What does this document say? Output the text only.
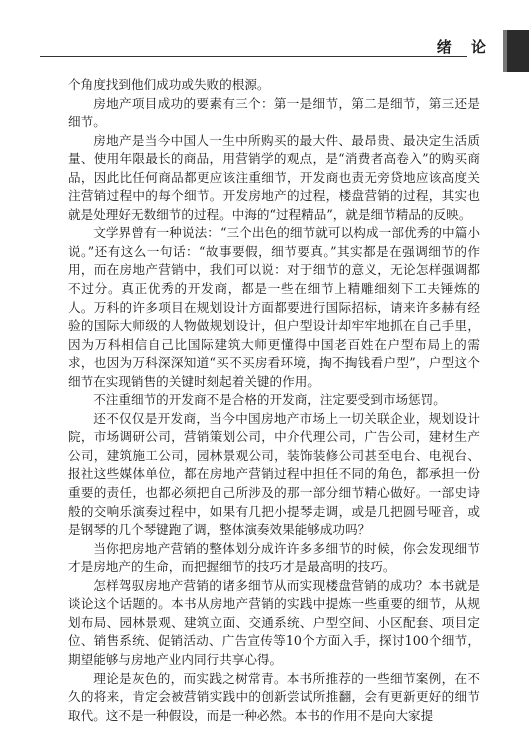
绪 论

个角度找到他们成功或失败的根源。

房地产项目成功的要素有三个：第一是细节，第二是细节，第三还是细节。

房地产是当今中国人一生中所购买的最大件、最昂贵、最决定生活质量、使用年限最长的商品，用营销学的观点，是“消费者高卷入”的购买商品，因此比任何商品都更应该注重细节，开发商也责无旁贷地应该高度关注营销过程中的每个细节。开发房地产的过程，楼盘营销的过程，其实也就是处理好无数细节的过程。中海的“过程精品”，就是细节精品的反映。

文学界曾有一种说法：“三个出色的细节就可以构成一部优秀的中篇小说。”还有这么一句话：“故事要假，细节要真。”其实都是在强调细节的作用，而在房地产营销中，我们可以说：对于细节的意义，无论怎样强调都不过分。真正优秀的开发商，都是一些在细节上精雕细刻下工夫锤炼的人。万科的许多项目在规划设计方面都要进行国际招标，请来许多赫有经验的国际大师级的人物做规划设计，但户型设计却牢牢地抓在自己手里，因为万科相信自己比国际建筑大师更懂得中国老百姓在户型布局上的需求，也因为万科深深知道“买不买房看环境，掏不掏钱看户型”，户型这个细节在实现销售的关键时刻起着关键的作用。

不注重细节的开发商不是合格的开发商，注定要受到市场惩罚。

还不仅仅是开发商，当今中国房地产市场上一切关联企业，规划设计院，市场调研公司，营销策划公司，中介代理公司，广告公司，建材生产公司，建筑施工公司，园林景观公司，装饰装修公司甚至电台、电视台、报社这些媒体单位，都在房地产营销过程中担任不同的角色，都承担一份重要的责任，也都必须把自己所涉及的那一部分细节精心做好。一部史诗般的交响乐演奏过程中，如果有几把小提琴走调，或是几把圆号哑音，或是钢琴的几个琴键跑了调，整体演奏效果能够成功吗？

当你把房地产营销的整体划分成许许多多细节的时候，你会发现细节才是房地产的生命，而把握细节的技巧才是最高明的技巧。

怎样驾驭房地产营销的诸多细节从而实现楼盘营销的成功？本书就是谈论这个话题的。本书从房地产营销的实践中提炼一些重要的细节，从规划布局、园林景观、建筑立面、交通系统、户型空间、小区配套、项目定位、销售系统、促销活动、广告宣传等10个方面入手，探讨100个细节，期望能够与房地产业内同行共享心得。

理论是灰色的，而实践之树常青。本书所推荐的一些细节案例，在不久的将来，肯定会被营销实践中的创新尝试所推翻，会有更新更好的细节取代。这不是一种假设，而是一种必然。本书的作用不是向大家提
